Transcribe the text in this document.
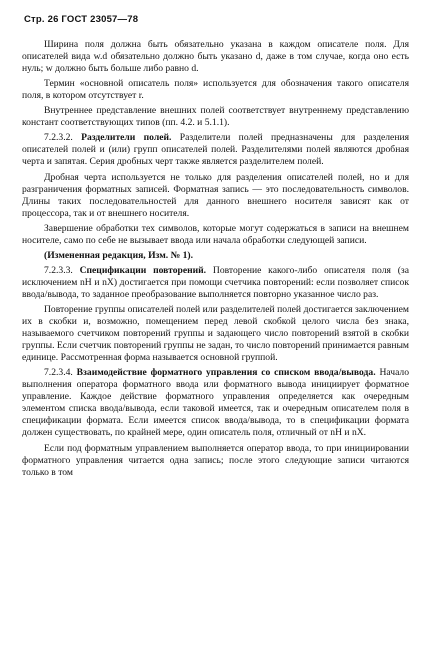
Стр. 26 ГОСТ 23057—78

Ширина поля должна быть обязательно указана в каждом описателе поля. Для описателей вида w.d обязательно должно быть указано d, даже в том случае, когда оно есть нуль; w должно быть больше либо равно d.

Термин «основной описатель поля» используется для обозначения такого описателя поля, в котором отсутствует r.

Внутреннее представление внешних полей соответствует внутреннему представлению констант соответствующих типов (пп. 4.2. и 5.1.1).

7.2.3.2. Разделители полей. Разделители полей предназначены для разделения описателей полей и (или) групп описателей полей. Разделителями полей являются дробная черта и запятая. Серия дробных черт также является разделителем полей.

Дробная черта используется не только для разделения описателей полей, но и для разграничения форматных записей. Форматная запись — это последовательность символов. Длины таких последовательностей для данного внешнего носителя зависят как от процессора, так и от внешнего носителя.

Завершение обработки тех символов, которые могут содержаться в записи на внешнем носителе, само по себе не вызывает ввода или начала обработки следующей записи.

(Измененная редакция, Изм. № 1).

7.2.3.3. Спецификации повторений. Повторение какого-либо описателя поля (за исключением nH и nX) достигается при помощи счетчика повторений: если позволяет список ввода/вывода, то заданное преобразование выполняется повторно указанное число раз.

Повторение группы описателей полей или разделителей полей достигается заключением их в скобки и, возможно, помещением перед левой скобкой целого числа без знака, называемого счетчиком повторений группы и задающего число повторений взятой в скобки группы. Если счетчик повторений группы не задан, то число повторений принимается равным единице. Рассмотренная форма называется основной группой.

7.2.3.4. Взаимодействие форматного управления со списком ввода/вывода. Начало выполнения оператора форматного ввода или форматного вывода инициирует форматное управление. Каждое действие форматного управления определяется как очередным элементом списка ввода/вывода, если таковой имеется, так и очередным описателем поля в спецификации формата. Если имеется список ввода/вывода, то в спецификации формата должен существовать, по крайней мере, один описатель поля, отличный от nH и nX.

Если под форматным управлением выполняется оператор ввода, то при инициировании форматного управления читается одна запись; после этого следующие записи читаются только в том
